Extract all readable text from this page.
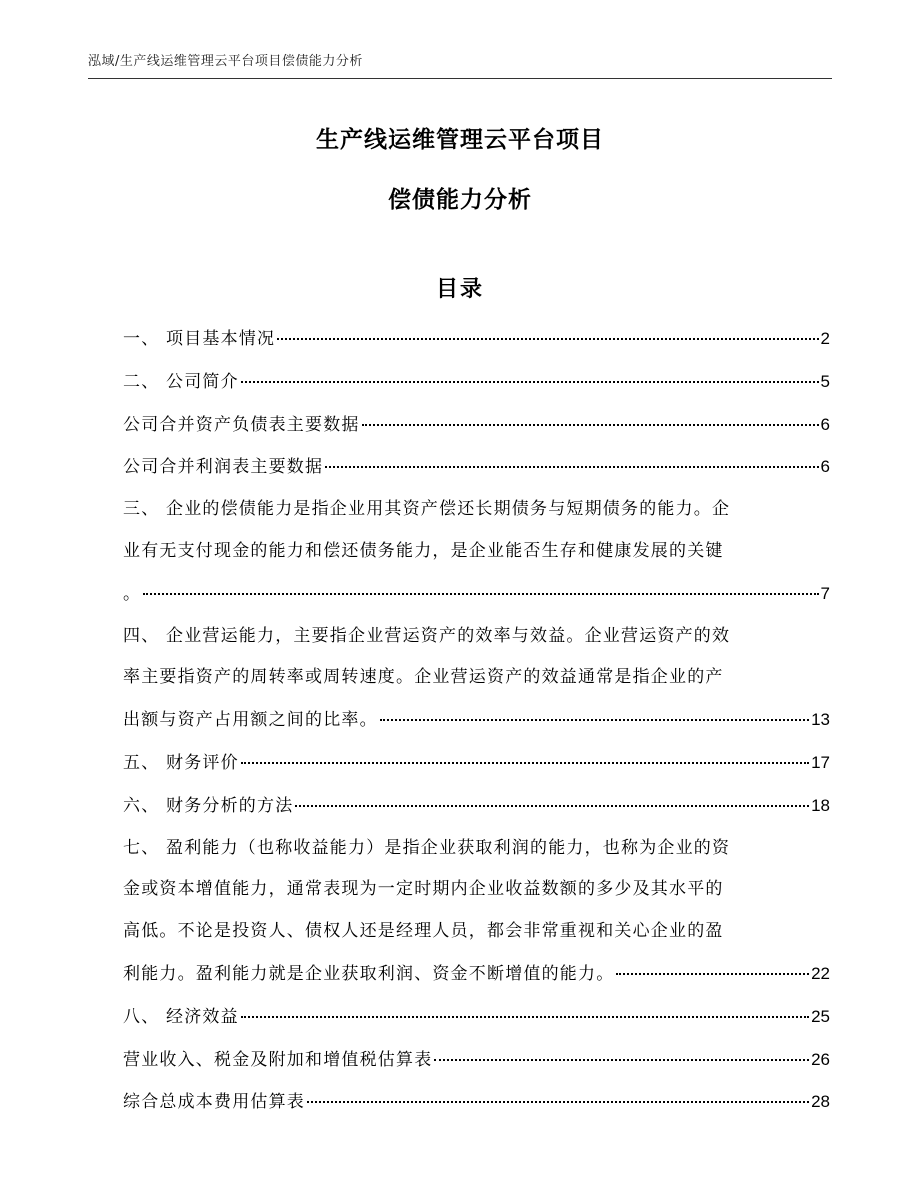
泓域/生产线运维管理云平台项目偿债能力分析
生产线运维管理云平台项目
偿债能力分析
目录
一、 项目基本情况	2
二、 公司简介	5
公司合并资产负债表主要数据	6
公司合并利润表主要数据	6
三、 企业的偿债能力是指企业用其资产偿还长期债务与短期债务的能力。企
业有无支付现金的能力和偿还债务能力，是企业能否生存和健康发展的关键
。	7
四、 企业营运能力，主要指企业营运资产的效率与效益。企业营运资产的效
率主要指资产的周转率或周转速度。企业营运资产的效益通常是指企业的产
出额与资产占用额之间的比率。	13
五、 财务评价	17
六、 财务分析的方法	18
七、 盈利能力（也称收益能力）是指企业获取利润的能力，也称为企业的资
金或资本增值能力，通常表现为一定时期内企业收益数额的多少及其水平的
高低。不论是投资人、债权人还是经理人员，都会非常重视和关心企业的盈
利能力。盈利能力就是企业获取利润、资金不断增值的能力。	22
八、 经济效益	25
营业收入、税金及附加和增值税估算表	26
综合总成本费用估算表	28
